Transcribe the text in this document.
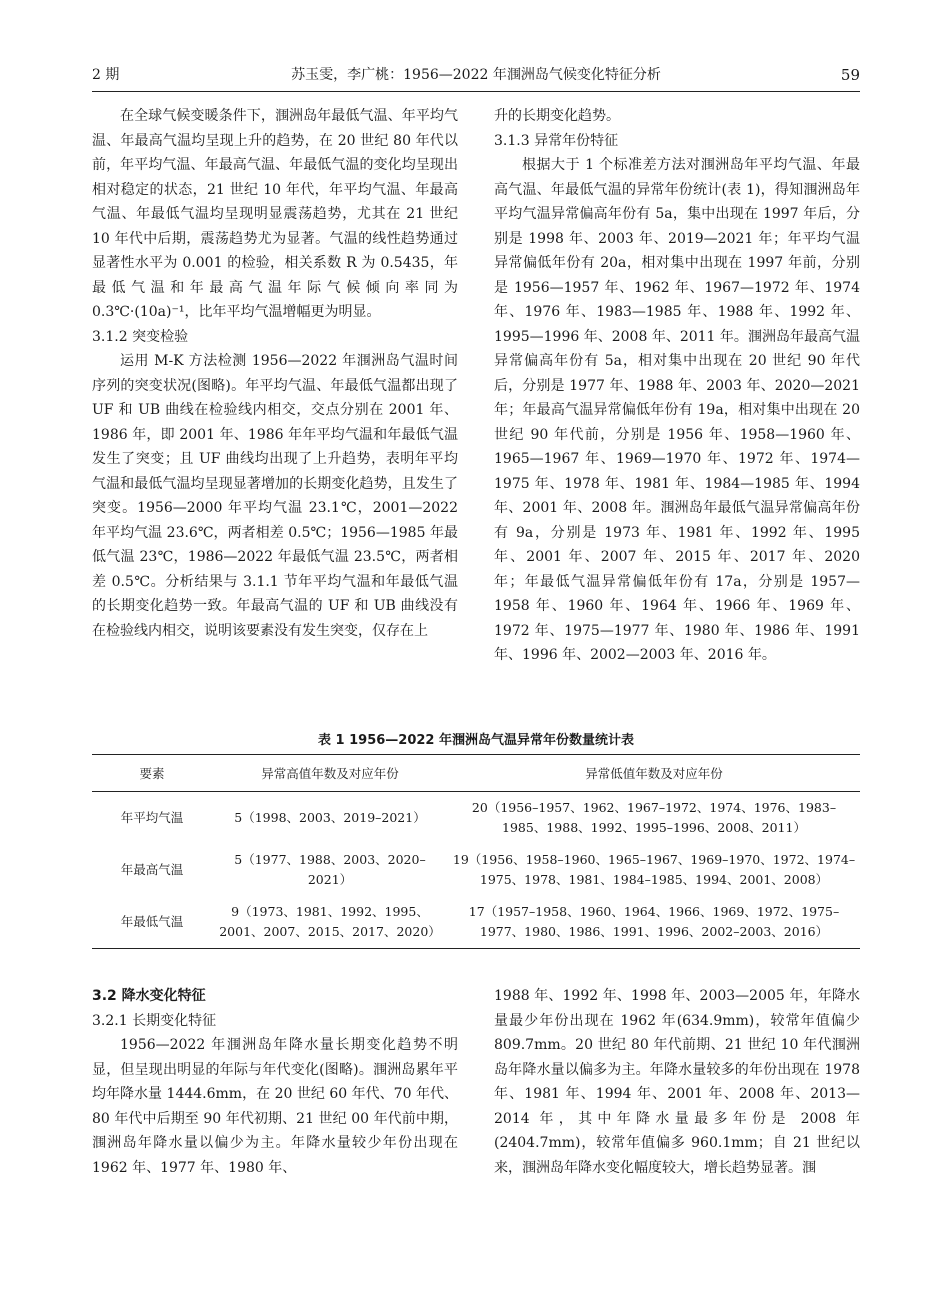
2 期	苏玉雯，李广桃：1956—2022 年涠洲岛气候变化特征分析	59

在全球气候变暖条件下，涠洲岛年最低气温、年平均气温、年最高气温均呈现上升的趋势，在 20 世纪 80 年代以前，年平均气温、年最高气温、年最低气温的变化均呈现出相对稳定的状态，21 世纪 10 年代，年平均气温、年最高气温、年最低气温均呈现明显震荡趋势，尤其在 21 世纪 10 年代中后期，震荡趋势尤为显著。气温的线性趋势通过显著性水平为 0.001 的检验，相关系数 R 为 0.5435，年最低气温和年最高气温年际气候倾向率同为 0.3℃·(10a)⁻¹，比年平均气温增幅更为明显。

3.1.2 突变检验

运用 M-K 方法检测 1956—2022 年涠洲岛气温时间序列的突变状况(图略)。年平均气温、年最低气温都出现了 UF 和 UB 曲线在检验线内相交，交点分别在 2001 年、1986 年，即 2001 年、1986 年年平均气温和年最低气温发生了突变；且 UF 曲线均出现了上升趋势，表明年平均气温和最低气温均呈现显著增加的长期变化趋势，且发生了突变。1956—2000 年平均气温 23.1℃，2001—2022 年平均气温 23.6℃，两者相差 0.5℃；1956—1985 年最低气温 23℃，1986—2022 年最低气温 23.5℃，两者相差 0.5℃。分析结果与 3.1.1 节年平均气温和年最低气温的长期变化趋势一致。年最高气温的 UF 和 UB 曲线没有在检验线内相交，说明该要素没有发生突变，仅存在上

升的长期变化趋势。

3.1.3 异常年份特征

根据大于 1 个标准差方法对涠洲岛年平均气温、年最高气温、年最低气温的异常年份统计(表 1)，得知涠洲岛年平均气温异常偏高年份有 5a，集中出现在 1997 年后，分别是 1998 年、2003 年、2019—2021 年；年平均气温异常偏低年份有 20a，相对集中出现在 1997 年前，分别是 1956—1957 年、1962 年、1967—1972 年、1974 年、1976 年、1983—1985 年、1988 年、1992 年、1995—1996 年、2008 年、2011 年。涠洲岛年最高气温异常偏高年份有 5a，相对集中出现在 20 世纪 90 年代后，分别是 1977 年、1988 年、2003 年、2020—2021 年；年最高气温异常偏低年份有 19a，相对集中出现在 20 世纪 90 年代前，分别是 1956 年、1958—1960 年、1965—1967 年、1969—1970 年、1972 年、1974—1975 年、1978 年、1981 年、1984—1985 年、1994 年、2001 年、2008 年。涠洲岛年最低气温异常偏高年份有 9a，分别是 1973 年、1981 年、1992 年、1995 年、2001 年、2007 年、2015 年、2017 年、2020 年；年最低气温异常偏低年份有 17a，分别是 1957—1958 年、1960 年、1964 年、1966 年、1969 年、1972 年、1975—1977 年、1980 年、1986 年、1991 年、1996 年、2002—2003 年、2016 年。

表 1 1956—2022 年涠洲岛气温异常年份数量统计表
要素	异常高值年数及对应年份	异常低值年数及对应年份
年平均气温	5（1998、2003、2019–2021）	20（1956–1957、1962、1967–1972、1974、1976、1983–1985、1988、1992、1995–1996、2008、2011）
年最高气温	5（1977、1988、2003、2020–2021）	19（1956、1958–1960、1965–1967、1969–1970、1972、1974–1975、1978、1981、1984–1985、1994、2001、2008）
年最低气温	9（1973、1981、1992、1995、2001、2007、2015、2017、2020）	17（1957–1958、1960、1964、1966、1969、1972、1975–1977、1980、1986、1991、1996、2002–2003、2016）
3.2 降水变化特征
3.2.1 长期变化特征

1956—2022 年涠洲岛年降水量长期变化趋势不明显，但呈现出明显的年际与年代变化(图略)。涠洲岛累年平均年降水量 1444.6mm，在 20 世纪 60 年代、70 年代、80 年代中后期至 90 年代初期、21 世纪 00 年代前中期，涠洲岛年降水量以偏少为主。年降水量较少年份出现在 1962 年、1977 年、1980 年、

1988 年、1992 年、1998 年、2003—2005 年，年降水量最少年份出现在 1962 年(634.9mm)，较常年值偏少 809.7mm。20 世纪 80 年代前期、21 世纪 10 年代涠洲岛年降水量以偏多为主。年降水量较多的年份出现在 1978 年、1981 年、1994 年、2001 年、2008 年、2013—2014 年，其中年降水量最多年份是 2008 年(2404.7mm)，较常年值偏多 960.1mm；自 21 世纪以来，涠洲岛年降水变化幅度较大，增长趋势显著。涠
